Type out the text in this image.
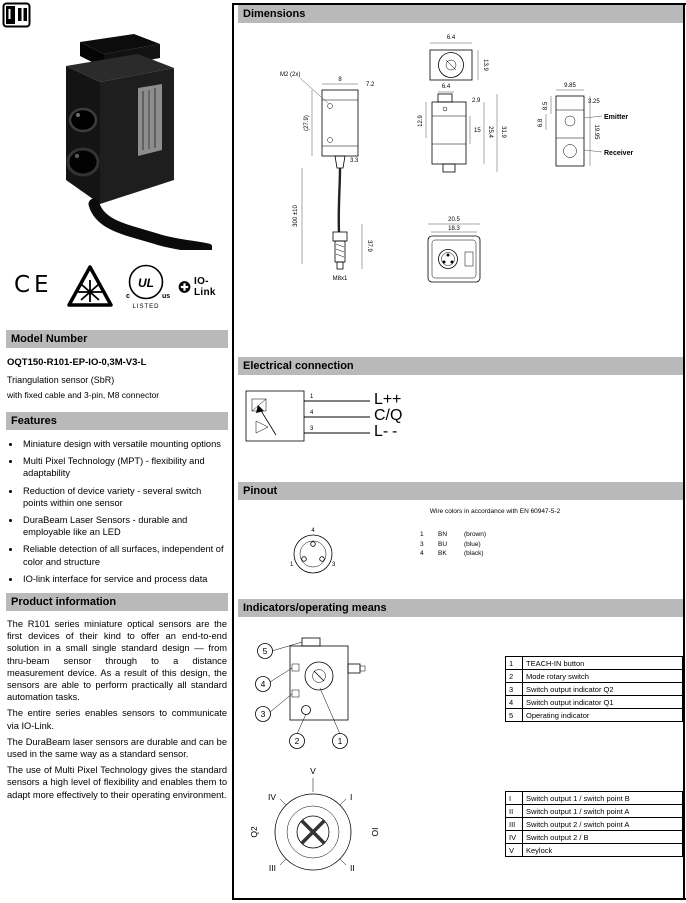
CE	UL
c	us
LISTED
IO-Link
Model Number

OQT150-R101-EP-IO-0,3M-V3-L

Triangulation sensor (SbR)

with fixed cable and 3-pin, M8 connector

Features
• Miniature design with versatile mounting options
• Multi Pixel Technology (MPT) - flexibility and adaptability
• Reduction of device variety - several switch points within one sensor
• DuraBeam Laser Sensors - durable and employable like an LED
• Reliable detection of all surfaces, independent of color and structure
• IO-link interface for service and process data
Product information

The R101 series miniature optical sensors are the first devices of their kind to offer an end-to-end solution in a small single standard design — from thru-beam sensor through to a distance measurement device. As a result of this design, the sensors are able to perform practically all standard automation tasks.

The entire series enables sensors to communicate via IO-Link.

The DuraBeam laser sensors are durable and can be used in the same way as a standard sensor.

The use of Multi Pixel Technology gives the standard sensors a high level of flexibility and enables them to adapt more effectively to their operating environment.

Dimensions
6.4
13.9
8
7.2
M2 (2x)
(27.9)
3.3
300 ±10
37.9
M8x1
6.4
2.9
15 25.4 31.9
12.9
9.85
3.25
8.5
6.8
19.95
Emitter
Receiver
20.5
18.3
Electrical connection
1
4
3
L+
C/Q
L-
+
-
Pinout
Wire colors in accordance with EN 60947-5-2
4
1	3
1	BN	(brown)
3	BU	(blue)
4	BK	(black)
Indicators/operating means
5
4
3
2	1
1	TEACH-IN button
2	Mode rotary switch
3	Switch output indicator Q2
4	Switch output indicator Q1
5	Operating indicator
V
IV	I
III	II
Q2	IO
I	Switch output 1 / switch point B
II	Switch output 1 / switch point A
III	Switch output 2 / switch point A
IV	Switch output 2 / B
V	Keylock
